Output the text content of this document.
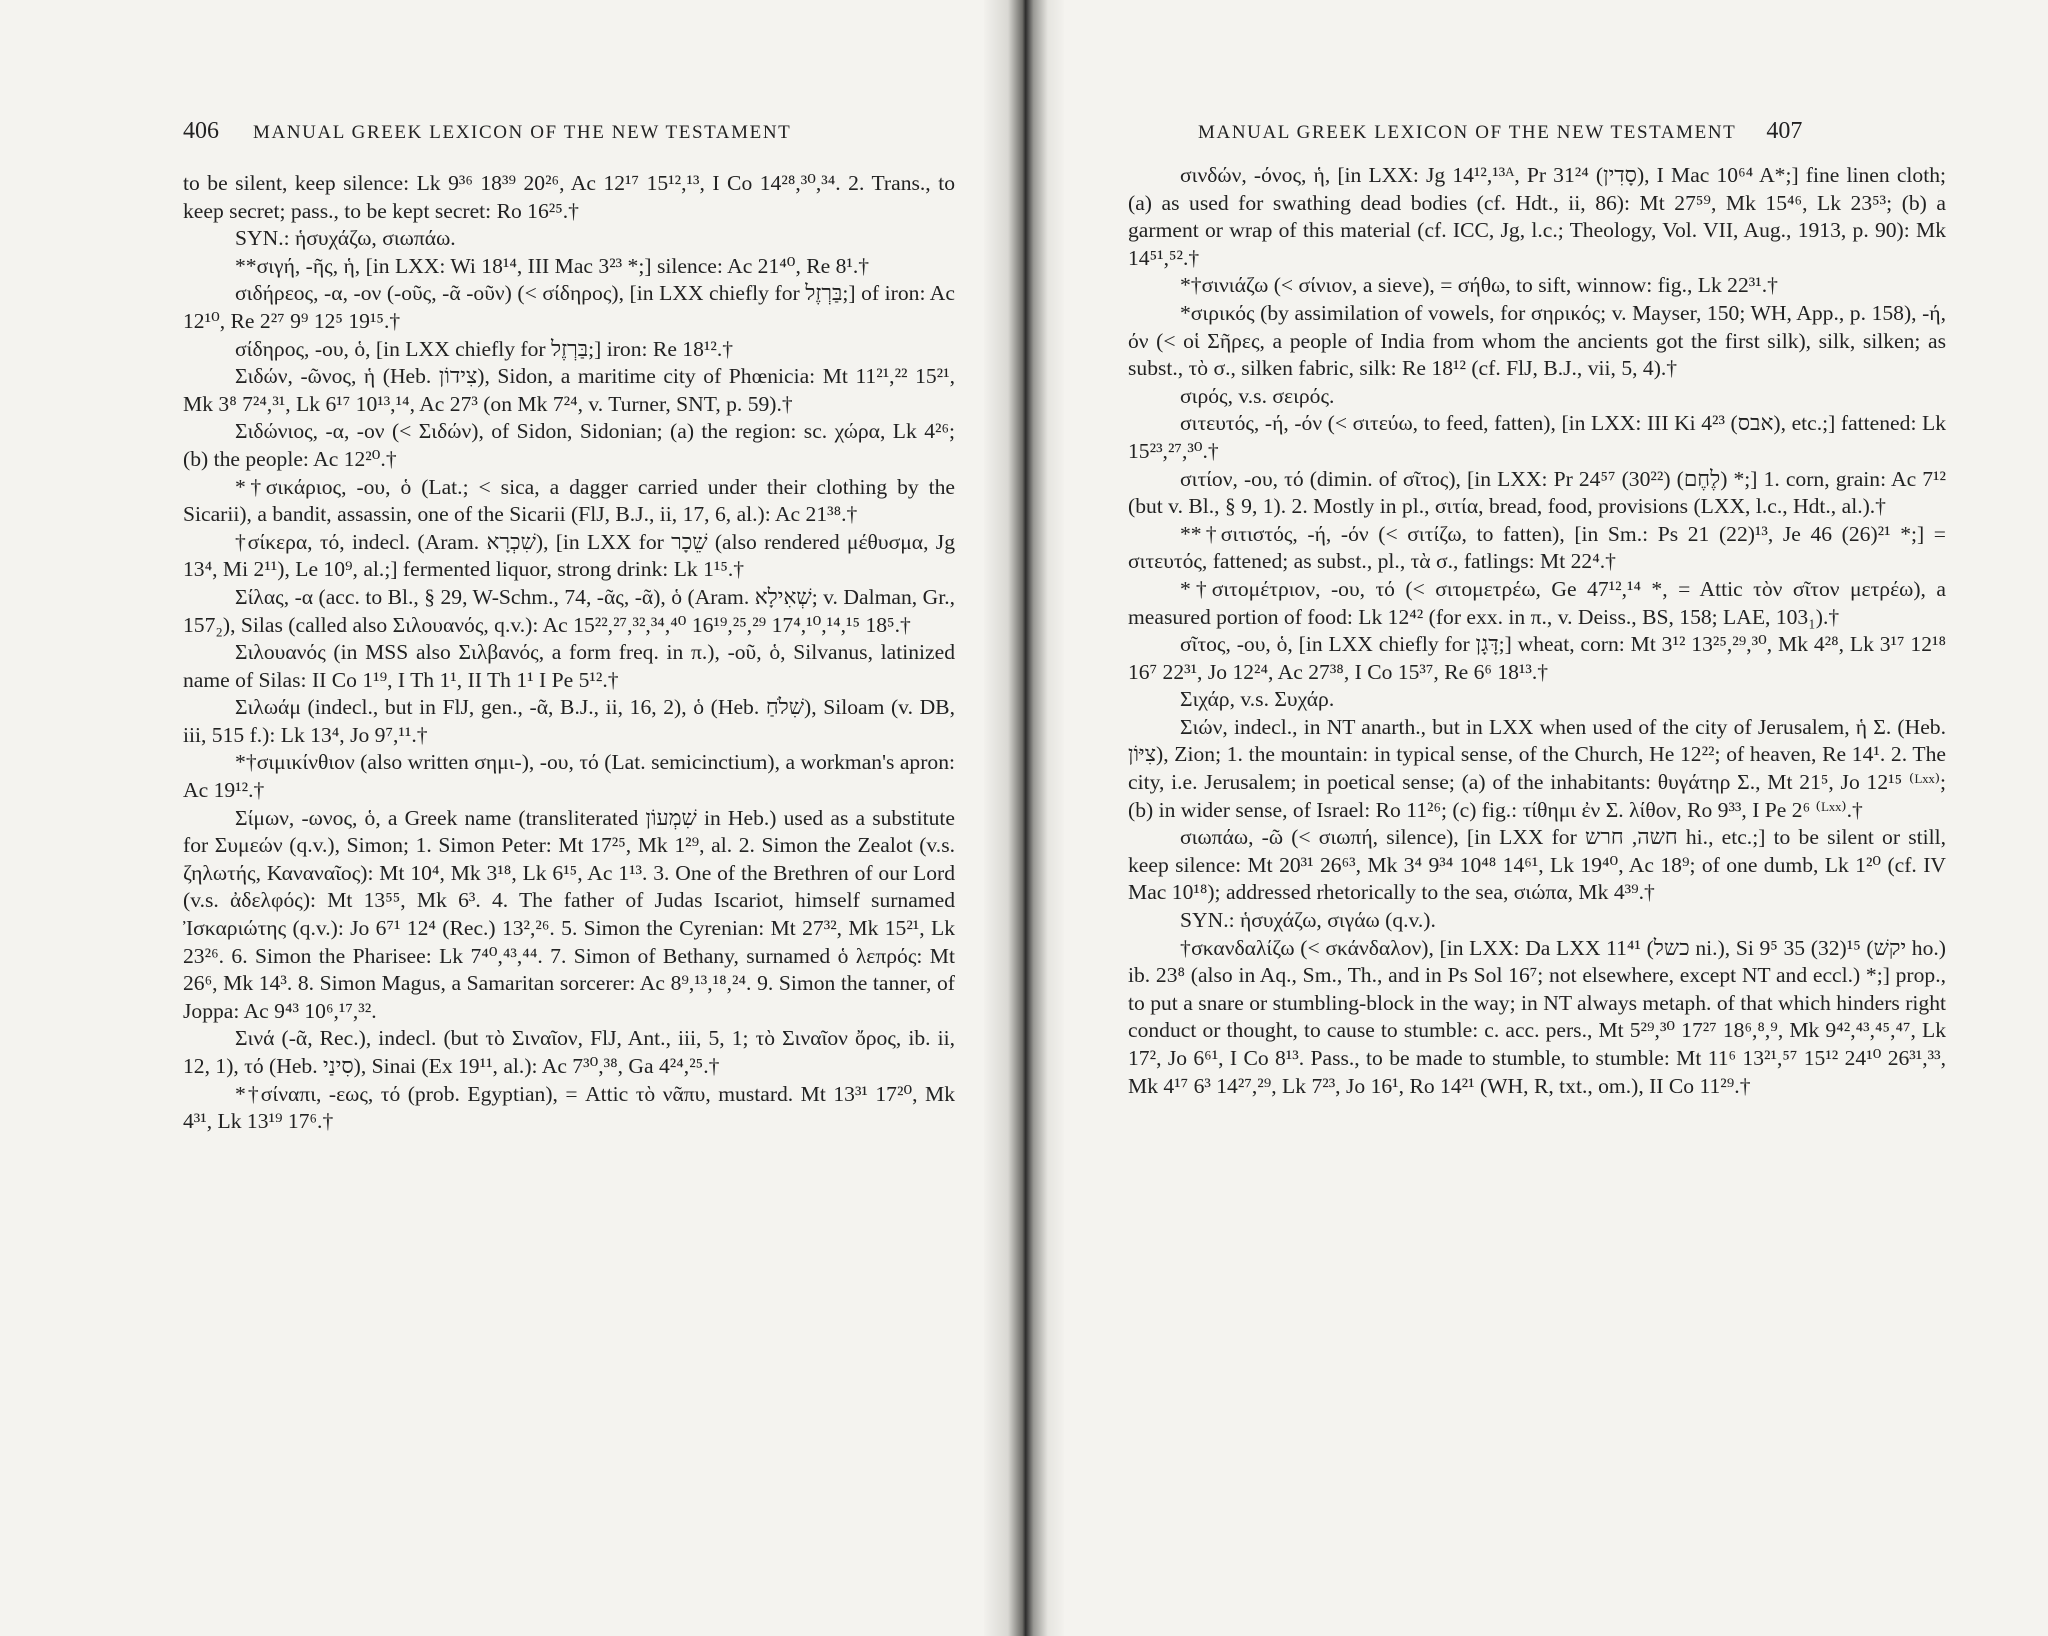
406 MANUAL GREEK LEXICON OF THE NEW TESTAMENT

to be silent, keep silence: Lk 9³⁶ 18³⁹ 20²⁶, Ac 12¹⁷ 15¹²,¹³, I Co 14²⁸,³⁰,³⁴. 2. Trans., to keep secret; pass., to be kept secret: Ro 16²⁵.†

SYN.: ἡσυχάζω, σιωπάω.

**σιγή, -ῆς, ἡ, [in LXX: Wi 18¹⁴, III Mac 3²³ *;] silence: Ac 21⁴⁰, Re 8¹.†

σιδήρεος, -α, -ον (-οῦς, -ᾶ -οῦν) (< σίδηρος), [in LXX chiefly for בַּרְזֶל;] of iron: Ac 12¹⁰, Re 2²⁷ 9⁹ 12⁵ 19¹⁵.†

σίδηρος, -ου, ὁ, [in LXX chiefly for בַּרְזֶל;] iron: Re 18¹².†

Σιδών, -ῶνος, ἡ (Heb. צִידוֹן), Sidon, a maritime city of Phœnicia: Mt 11²¹,²² 15²¹, Mk 3⁸ 7²⁴,³¹, Lk 6¹⁷ 10¹³,¹⁴, Ac 27³ (on Mk 7²⁴, v. Turner, SNT, p. 59).†

Σιδώνιος, -α, -ον (< Σιδών), of Sidon, Sidonian; (a) the region: sc. χώρα, Lk 4²⁶; (b) the people: Ac 12²⁰.†

*†σικάριος, -ου, ὁ (Lat.; < sica, a dagger carried under their clothing by the Sicarii), a bandit, assassin, one of the Sicarii (FlJ, B.J., ii, 17, 6, al.): Ac 21³⁸.†

†σίκερα, τό, indecl. (Aram. שִׁכְרָא), [in LXX for שֵׁכָר (also rendered μέθυσμα, Jg 13⁴, Mi 2¹¹), Le 10⁹, al.;] fermented liquor, strong drink: Lk 1¹⁵.†

Σίλας, -α (acc. to Bl., § 29, W-Schm., 74, -ᾶς, -ᾶ), ὁ (Aram. שְׁאִילָא; v. Dalman, Gr., 157₂), Silas (called also Σιλουανός, q.v.): Ac 15²²,²⁷,³²,³⁴,⁴⁰ 16¹⁹,²⁵,²⁹ 17⁴,¹⁰,¹⁴,¹⁵ 18⁵.†

Σιλουανός (in MSS also Σιλβανός, a form freq. in π.), -οῦ, ὁ, Silvanus, latinized name of Silas: II Co 1¹⁹, I Th 1¹, II Th 1¹ I Pe 5¹².†

Σιλωάμ (indecl., but in FlJ, gen., -ᾶ, B.J., ii, 16, 2), ὁ (Heb. שִׁלֹחַ), Siloam (v. DB, iii, 515 f.): Lk 13⁴, Jo 9⁷,¹¹.†

*†σιμικίνθιον (also written σημι-), -ου, τό (Lat. semicinctium), a workman's apron: Ac 19¹².†

Σίμων, -ωνος, ὁ, a Greek name (transliterated שִׁמְעוֹן in Heb.) used as a substitute for Συμεών (q.v.), Simon; 1. Simon Peter: Mt 17²⁵, Mk 1²⁹, al. 2. Simon the Zealot (v.s. ζηλωτής, Καναναῖος): Mt 10⁴, Mk 3¹⁸, Lk 6¹⁵, Ac 1¹³. 3. One of the Brethren of our Lord (v.s. ἀδελφός): Mt 13⁵⁵, Mk 6³. 4. The father of Judas Iscariot, himself surnamed Ἰσκαριώτης (q.v.): Jo 6⁷¹ 12⁴ (Rec.) 13²,²⁶. 5. Simon the Cyrenian: Mt 27³², Mk 15²¹, Lk 23²⁶. 6. Simon the Pharisee: Lk 7⁴⁰,⁴³,⁴⁴. 7. Simon of Bethany, surnamed ὁ λεπρός: Mt 26⁶, Mk 14³. 8. Simon Magus, a Samaritan sorcerer: Ac 8⁹,¹³,¹⁸,²⁴. 9. Simon the tanner, of Joppa: Ac 9⁴³ 10⁶,¹⁷,³².

Σινά (-ᾶ, Rec.), indecl. (but τὸ Σιναῖον, FlJ, Ant., iii, 5, 1; τὸ Σιναῖον ὄρος, ib. ii, 12, 1), τό (Heb. סִינַי), Sinai (Ex 19¹¹, al.): Ac 7³⁰,³⁸, Ga 4²⁴,²⁵.†

*†σίναπι, -εως, τό (prob. Egyptian), = Attic τὸ νᾶπυ, mustard. Mt 13³¹ 17²⁰, Mk 4³¹, Lk 13¹⁹ 17⁶.†

MANUAL GREEK LEXICON OF THE NEW TESTAMENT 407

σινδών, -όνος, ἡ, [in LXX: Jg 14¹²,¹³ᴬ, Pr 31²⁴ (סָדִין), I Mac 10⁶⁴ A*;] fine linen cloth; (a) as used for swathing dead bodies (cf. Hdt., ii, 86): Mt 27⁵⁹, Mk 15⁴⁶, Lk 23⁵³; (b) a garment or wrap of this material (cf. ICC, Jg, l.c.; Theology, Vol. VII, Aug., 1913, p. 90): Mk 14⁵¹,⁵².†

*†σινιάζω (< σίνιον, a sieve), = σήθω, to sift, winnow: fig., Lk 22³¹.†

*σιρικός (by assimilation of vowels, for σηρικός; v. Mayser, 150; WH, App., p. 158), -ή, όν (< οἱ Σῆρες, a people of India from whom the ancients got the first silk), silk, silken; as subst., τὸ σ., silken fabric, silk: Re 18¹² (cf. FlJ, B.J., vii, 5, 4).†

σιρός, v.s. σειρός.

σιτευτός, -ή, -όν (< σιτεύω, to feed, fatten), [in LXX: III Ki 4²³ (אבס), etc.;] fattened: Lk 15²³,²⁷,³⁰.†

σιτίον, -ου, τό (dimin. of σῖτος), [in LXX: Pr 24⁵⁷ (30²²) (לֶחֶם) *;] 1. corn, grain: Ac 7¹² (but v. Bl., § 9, 1). 2. Mostly in pl., σιτία, bread, food, provisions (LXX, l.c., Hdt., al.).†

**†σιτιστός, -ή, -όν (< σιτίζω, to fatten), [in Sm.: Ps 21 (22)¹³, Je 46 (26)²¹ *;] = σιτευτός, fattened; as subst., pl., τὰ σ., fatlings: Mt 22⁴.†

*†σιτομέτριον, -ου, τό (< σιτομετρέω, Ge 47¹²,¹⁴ *, = Attic τὸν σῖτον μετρέω), a measured portion of food: Lk 12⁴² (for exx. in π., v. Deiss., BS, 158; LAE, 103₁).†

σῖτος, -ου, ὁ, [in LXX chiefly for דָּגָן;] wheat, corn: Mt 3¹² 13²⁵,²⁹,³⁰, Mk 4²⁸, Lk 3¹⁷ 12¹⁸ 16⁷ 22³¹, Jo 12²⁴, Ac 27³⁸, I Co 15³⁷, Re 6⁶ 18¹³.†

Σιχάρ, v.s. Συχάρ.

Σιών, indecl., in NT anarth., but in LXX when used of the city of Jerusalem, ἡ Σ. (Heb. צִיּוֹן), Zion; 1. the mountain: in typical sense, of the Church, He 12²²; of heaven, Re 14¹. 2. The city, i.e. Jerusalem; in poetical sense; (a) of the inhabitants: θυγάτηρ Σ., Mt 21⁵, Jo 12¹⁵ ⁽ᴸˣˣ⁾; (b) in wider sense, of Israel: Ro 11²⁶; (c) fig.: τίθημι ἐν Σ. λίθον, Ro 9³³, I Pe 2⁶ ⁽ᴸˣˣ⁾.†

σιωπάω, -ῶ (< σιωπή, silence), [in LXX for חשה, חרש hi., etc.;] to be silent or still, keep silence: Mt 20³¹ 26⁶³, Mk 3⁴ 9³⁴ 10⁴⁸ 14⁶¹, Lk 19⁴⁰, Ac 18⁹; of one dumb, Lk 1²⁰ (cf. IV Mac 10¹⁸); addressed rhetorically to the sea, σιώπα, Mk 4³⁹.†

SYN.: ἡσυχάζω, σιγάω (q.v.).

†σκανδαλίζω (< σκάνδαλον), [in LXX: Da LXX 11⁴¹ (כשל ni.), Si 9⁵ 35 (32)¹⁵ (יקשׁ ho.) ib. 23⁸ (also in Aq., Sm., Th., and in Ps Sol 16⁷; not elsewhere, except NT and eccl.) *;] prop., to put a snare or stumbling-block in the way; in NT always metaph. of that which hinders right conduct or thought, to cause to stumble: c. acc. pers., Mt 5²⁹,³⁰ 17²⁷ 18⁶,⁸,⁹, Mk 9⁴²,⁴³,⁴⁵,⁴⁷, Lk 17², Jo 6⁶¹, I Co 8¹³. Pass., to be made to stumble, to stumble: Mt 11⁶ 13²¹,⁵⁷ 15¹² 24¹⁰ 26³¹,³³, Mk 4¹⁷ 6³ 14²⁷,²⁹, Lk 7²³, Jo 16¹, Ro 14²¹ (WH, R, txt., om.), II Co 11²⁹.†
